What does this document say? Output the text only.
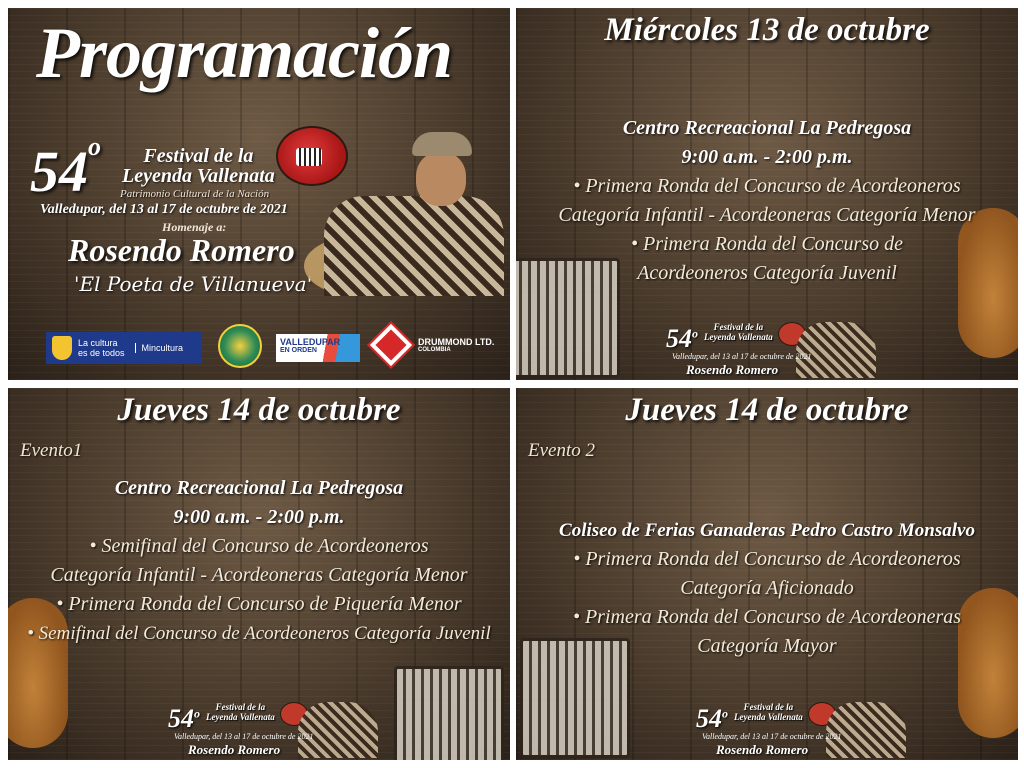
Programación
54$^o$	Festival de la
Leyenda Vallenata
Patrimonio Cultural de la Nación
Valledupar, del 13 al 17 de octubre de 2021
Homenaje a:
Rosendo Romero
'El Poeta de Villanueva'
La cultura
es de todos	Mincultura
VALLEDUPAR
EN ORDEN
DRUMMOND LTD.
COLOMBIA
Miércoles 13 de octubre
Centro Recreacional La Pedregosa
9:00 a.m. - 2:00 p.m.
• Primera Ronda del Concurso de Acordeoneros
Categoría Infantil - Acordeoneras Categoría Menor
• Primera Ronda del Concurso de
Acordeoneros Categoría Juvenil
54$^o$	Festival de la
Leyenda Vallenata
Valledupar, del 13 al 17 de octubre de 2021
Rosendo Romero
Jueves 14 de octubre
Evento1
Centro Recreacional La Pedregosa
9:00 a.m. - 2:00 p.m.
• Semifinal del Concurso de Acordeoneros
Categoría Infantil - Acordeoneras Categoría Menor
• Primera Ronda del Concurso de Piquería Menor
• Semifinal del Concurso de Acordeoneros Categoría Juvenil
54$^o$	Festival de la
Leyenda Vallenata
Valledupar, del 13 al 17 de octubre de 2021
Rosendo Romero
Jueves 14 de octubre
Evento 2
Coliseo de Ferias Ganaderas Pedro Castro Monsalvo
• Primera Ronda del Concurso de Acordeoneros
Categoría Aficionado
• Primera Ronda del Concurso de Acordeoneras
Categoría Mayor
54$^o$	Festival de la
Leyenda Vallenata
Valledupar, del 13 al 17 de octubre de 2021
Rosendo Romero
